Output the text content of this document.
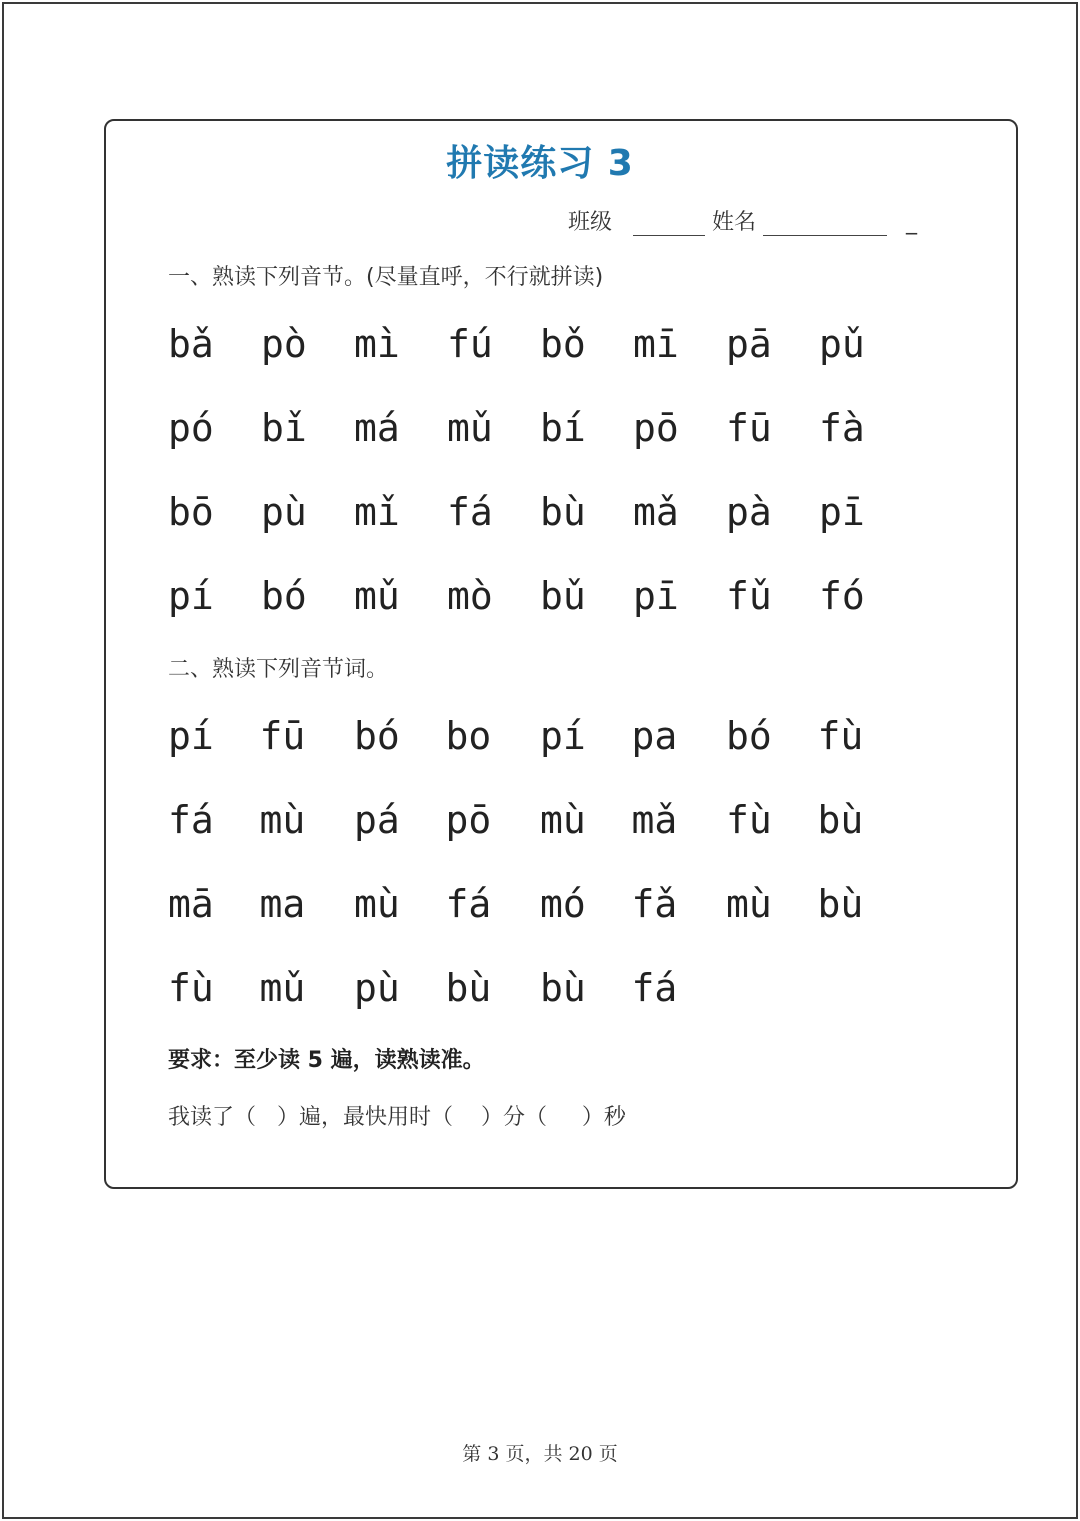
拼读练习 3
班级	姓名	_
一、熟读下列音节。(尽量直呼，不行就拼读)
bǎ pò mì fú bǒ mī pā pǔ
pó bǐ má mǔ bí pō fū fà
bō pù mǐ fá bù mǎ pà pī
pí bó mǔ mò bǔ pī fǔ fó
二、熟读下列音节词。
pí  fū bó  bo pí  pa bó  fù
fá  mù pá  pō mù  mǎ fù  bù
mā  ma mù  fá mó  fǎ mù  bù
fù  mǔ pù  bù bù  fá
要求：至少读 5 遍，读熟读准。
我读了（   ）遍，最快用时（    ）分（     ）秒
第 3 页，共 20 页
